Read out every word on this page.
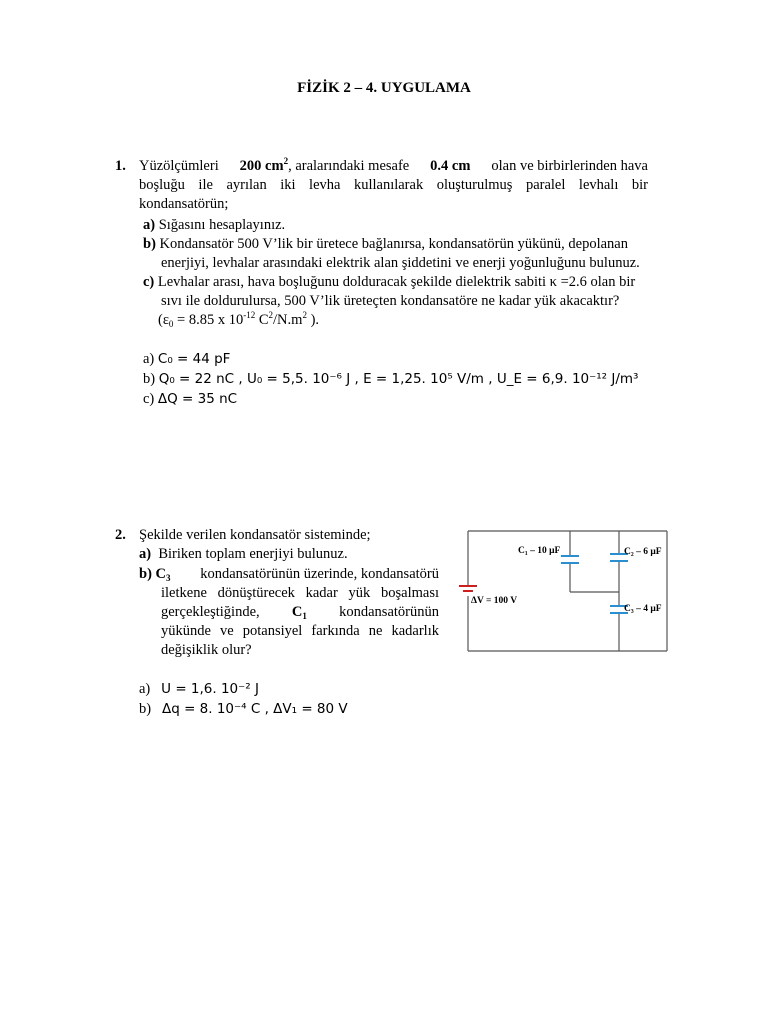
FİZİK 2 – 4. UYGULAMA
1. Yüzölçümleri 200 $cm^2$, aralarındaki mesafe 0.4 cm olan ve birbirlerinden hava
boşluğu ile ayrılan iki levha kullanılarak oluşturulmuş paralel levhalı bir
kondansatörün;
a) Sığasını hesaplayınız.
b) Kondansatör 500 V’lik bir üretece bağlanırsa, kondansatörün yükünü, depolanan
enerjiyi, levhalar arasındaki elektrik alan şiddetini ve enerji yoğunluğunu bulunuz.
c) Levhalar arası, hava boşluğunu dolduracak şekilde dielektrik sabiti κ =2.6 olan bir
sıvı ile doldurulursa, 500 V’lik üreteçten kondansatöre ne kadar yük akacaktır?
($\varepsilon_0 = 8.85$ x $10^{-12}$ $C^2/N.m^2$ ).
a) C₀ = 44 pF
b) Q₀ = 22 nC , U₀ = 5,5. 10⁻⁶ J , E = 1,25. 10⁵ V/m , U_E = 6,9. 10⁻¹² J/m³
c) ΔQ = 35 nC
2. Şekilde verilen kondansatör sisteminde;
a) Biriken toplam enerjiyi bulunuz.
b) $C_3$ kondansatörünün üzerinde, kondansatörü
iletkene dönüştürecek kadar yük boşalması
gerçekleştiğinde, $C_1$ kondansatörünün
yükünde ve potansiyel farkında ne kadarlık
değişiklik olur?
a) U = 1,6. 10⁻² J
b) Δq = 8. 10⁻⁴ C , ΔV₁ = 80 V
C₁ – 10 μF	C₂ – 6 μF
C₃ – 4 μF
ΔV = 100 V
